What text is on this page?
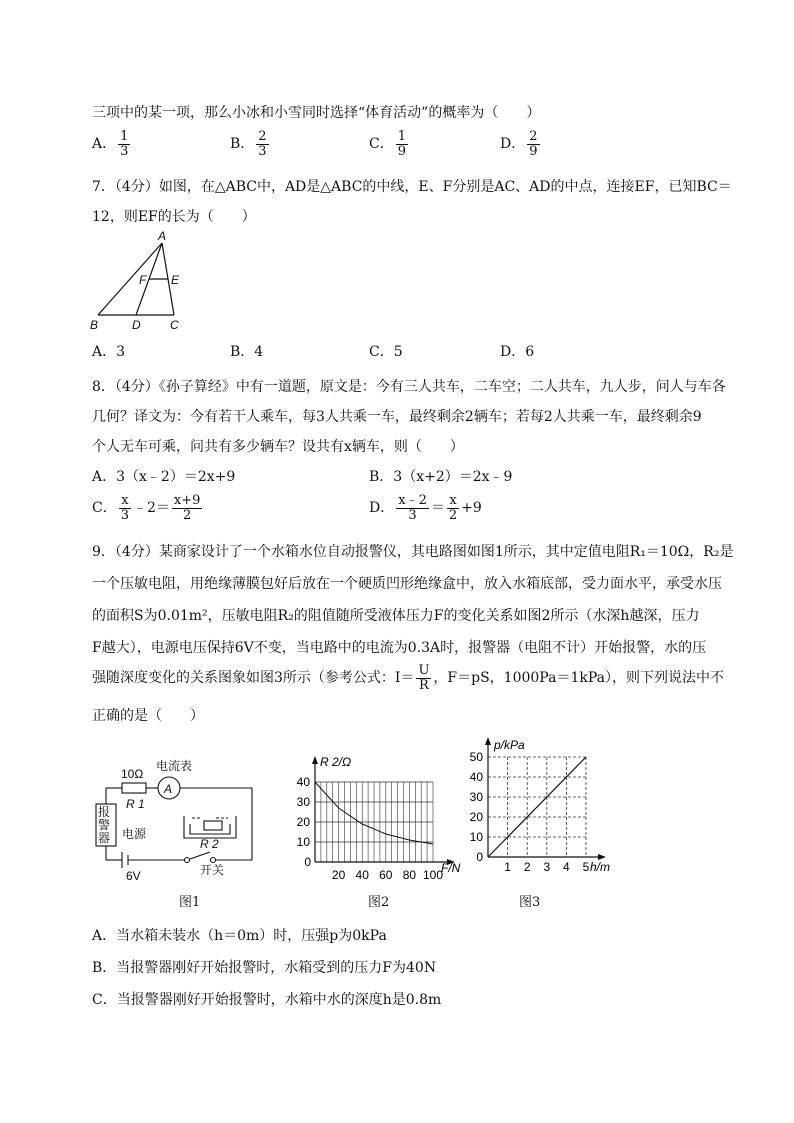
三项中的某一项，那么小冰和小雪同时选择“体育活动”的概率为（　　）
A． $\frac{1}{3}$	B． $\frac{2}{3}$	C． $\frac{1}{9}$	D． $\frac{2}{9}$
7．（4分）如图，在△ABC中，AD是△ABC的中线，E、F分别是AC、AD的中点，连接EF，已知BC＝
12，则EF的长为（　　）
A
B	D C
F E
A．3	B．4	C．5	D．6
8．（4分）《孙子算经》中有一道题，原文是：今有三人共车，二车空；二人共车，九人步，问人与车各
几何？译文为：今有若干人乘车，每3人共乘一车，最终剩余2辆车；若每2人共乘一车，最终剩余9
个人无车可乘，问共有多少辆车？设共有x辆车，则（　　）
A．3（x﹣2）＝2x+9	B．3（x+2）＝2x﹣9
C． $\frac{x}{3}$ ﹣2＝ $\frac{x+9}{2}$	D． $\frac{x﹣2}{3} = \frac{x}{2} +9$
9．（4分）某商家设计了一个水箱水位自动报警仪，其电路图如图1所示，其中定值电阻R₁＝10Ω，R₂是
一个压敏电阻，用绝缘薄膜包好后放在一个硬质凹形绝缘盒中，放入水箱底部，受力面水平，承受水压
的面积S为0.01m²，压敏电阻R₂的阻值随所受液体压力F的变化关系如图2所示（水深h越深，压力
F越大），电源电压保持6V不变，当电路中的电流为0.3A时，报警器（电阻不计）开始报警，水的压
强随深度变化的关系图象如图3所示（参考公式：$I= \frac{U}{R}$ ，F＝pS，1000Pa＝1kPa），则下列说法中不
正确的是（　　）
10Ω
R 1
电流表
A
电源
R 2
开关
6V
报警器
图1
0
10
20
30
40
20 40 60 80 100
R 2/Ω
F/N
图2
0
10
20
30
40
50
1 2 3 4 5
p/kPa
h/m
图3
A．当水箱未装水（h＝0m）时，压强p为0kPa
B．当报警器刚好开始报警时，水箱受到的压力F为40N
C．当报警器刚好开始报警时，水箱中水的深度h是0.8m
